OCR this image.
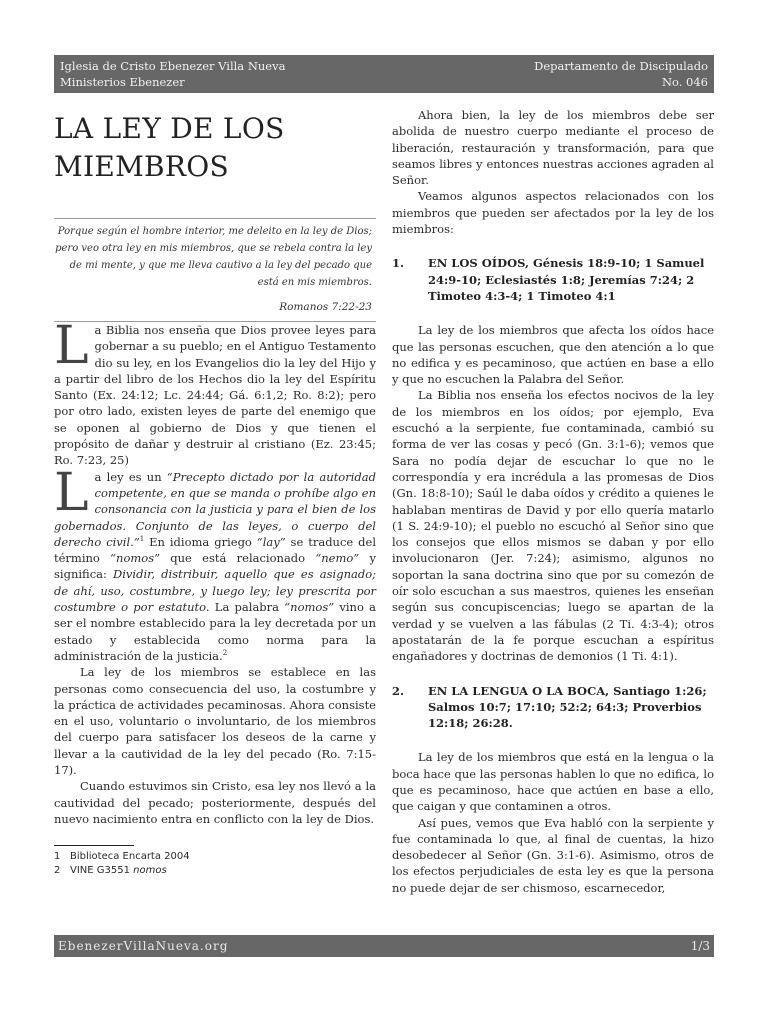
Iglesia de Cristo Ebenezer Villa Nueva
Ministerios Ebenezer
Departamento de Discipulado
No. 046
LA LEY DE LOS
MIEMBROS
Porque según el hombre interior, me deleito en la ley de Dios; pero veo otra ley en mis miembros, que se rebela contra la ley de mi mente, y que me lleva cautivo a la ley del pecado que está en mis miembros.
Romanos 7:22-23

La Biblia nos enseña que Dios provee leyes para gobernar a su pueblo; en el Antiguo Testamento dio su ley, en los Evangelios dio la ley del Hijo y a partir del libro de los Hechos dio la ley del Espíritu Santo (Ex. 24:12; Lc. 24:44; Gá. 6:1,2; Ro. 8:2); pero por otro lado, existen leyes de parte del enemigo que se oponen al gobierno de Dios y que tienen el propósito de dañar y destruir al cristiano (Ez. 23:45; Ro. 7:23, 25)

La ley es un “Precepto dictado por la autoridad competente, en que se manda o prohíbe algo en consonancia con la justicia y para el bien de los gobernados. Conjunto de las leyes, o cuerpo del derecho civil.”$^1$ En idioma griego “lay” se traduce del término “nomos” que está relacionado “nemo” y significa: Dividir, distribuir, aquello que es asignado; de ahí, uso, costumbre, y luego ley; ley prescrita por costumbre o por estatuto. La palabra “nomos” vino a ser el nombre establecido para la ley decretada por un estado y establecida como norma para la administración de la justicia.$^2$

La ley de los miembros se establece en las personas como consecuencia del uso, la costumbre y la práctica de actividades pecaminosas. Ahora consiste en el uso, voluntario o involuntario, de los miembros del cuerpo para satisfacer los deseos de la carne y llevar a la cautividad de la ley del pecado (Ro. 7:15-17).

Cuando estuvimos sin Cristo, esa ley nos llevó a la cautividad del pecado; posteriormente, después del nuevo nacimiento entra en conflicto con la ley de Dios.

1 Biblioteca Encarta 2004
2 VINE G3551 nomos

Ahora bien, la ley de los miembros debe ser abolida de nuestro cuerpo mediante el proceso de liberación, restauración y transformación, para que seamos libres y entonces nuestras acciones agraden al Señor.

Veamos algunos aspectos relacionados con los miembros que pueden ser afectados por la ley de los miembros:

1.	EN LOS OÍDOS, Génesis 18:9-10; 1 Samuel 24:9-10; Eclesiastés 1:8; Jeremías 7:24; 2 Timoteo 4:3-4; 1 Timoteo 4:1

La ley de los miembros que afecta los oídos hace que las personas escuchen, que den atención a lo que no edifica y es pecaminoso, que actúen en base a ello y que no escuchen la Palabra del Señor.

La Biblia nos enseña los efectos nocivos de la ley de los miembros en los oídos; por ejemplo, Eva escuchó a la serpiente, fue contaminada, cambió su forma de ver las cosas y pecó (Gn. 3:1-6); vemos que Sara no podía dejar de escuchar lo que no le correspondía y era incrédula a las promesas de Dios (Gn. 18:8-10); Saúl le daba oídos y crédito a quienes le hablaban mentiras de David y por ello quería matarlo (1 S. 24:9-10); el pueblo no escuchó al Señor sino que los consejos que ellos mismos se daban y por ello involucionaron (Jer. 7:24); asimismo, algunos no soportan la sana doctrina sino que por su comezón de oír solo escuchan a sus maestros, quienes les enseñan según sus concupiscencias; luego se apartan de la verdad y se vuelven a las fábulas (2 Ti. 4:3-4); otros apostatarán de la fe porque escuchan a espíritus engañadores y doctrinas de demonios (1 Ti. 4:1).

2.	EN LA LENGUA O LA BOCA, Santiago 1:26; Salmos 10:7; 17:10; 52:2; 64:3; Proverbios 12:18; 26:28.

La ley de los miembros que está en la lengua o la boca hace que las personas hablen lo que no edifica, lo que es pecaminoso, hace que actúen en base a ello, que caigan y que contaminen a otros.

Así pues, vemos que Eva habló con la serpiente y fue contaminada lo que, al final de cuentas, la hizo desobedecer al Señor (Gn. 3:1-6). Asimismo, otros de los efectos perjudiciales de esta ley es que la persona no puede dejar de ser chismoso, escarnecedor,

EbenezerVillaNueva.org	1/3
